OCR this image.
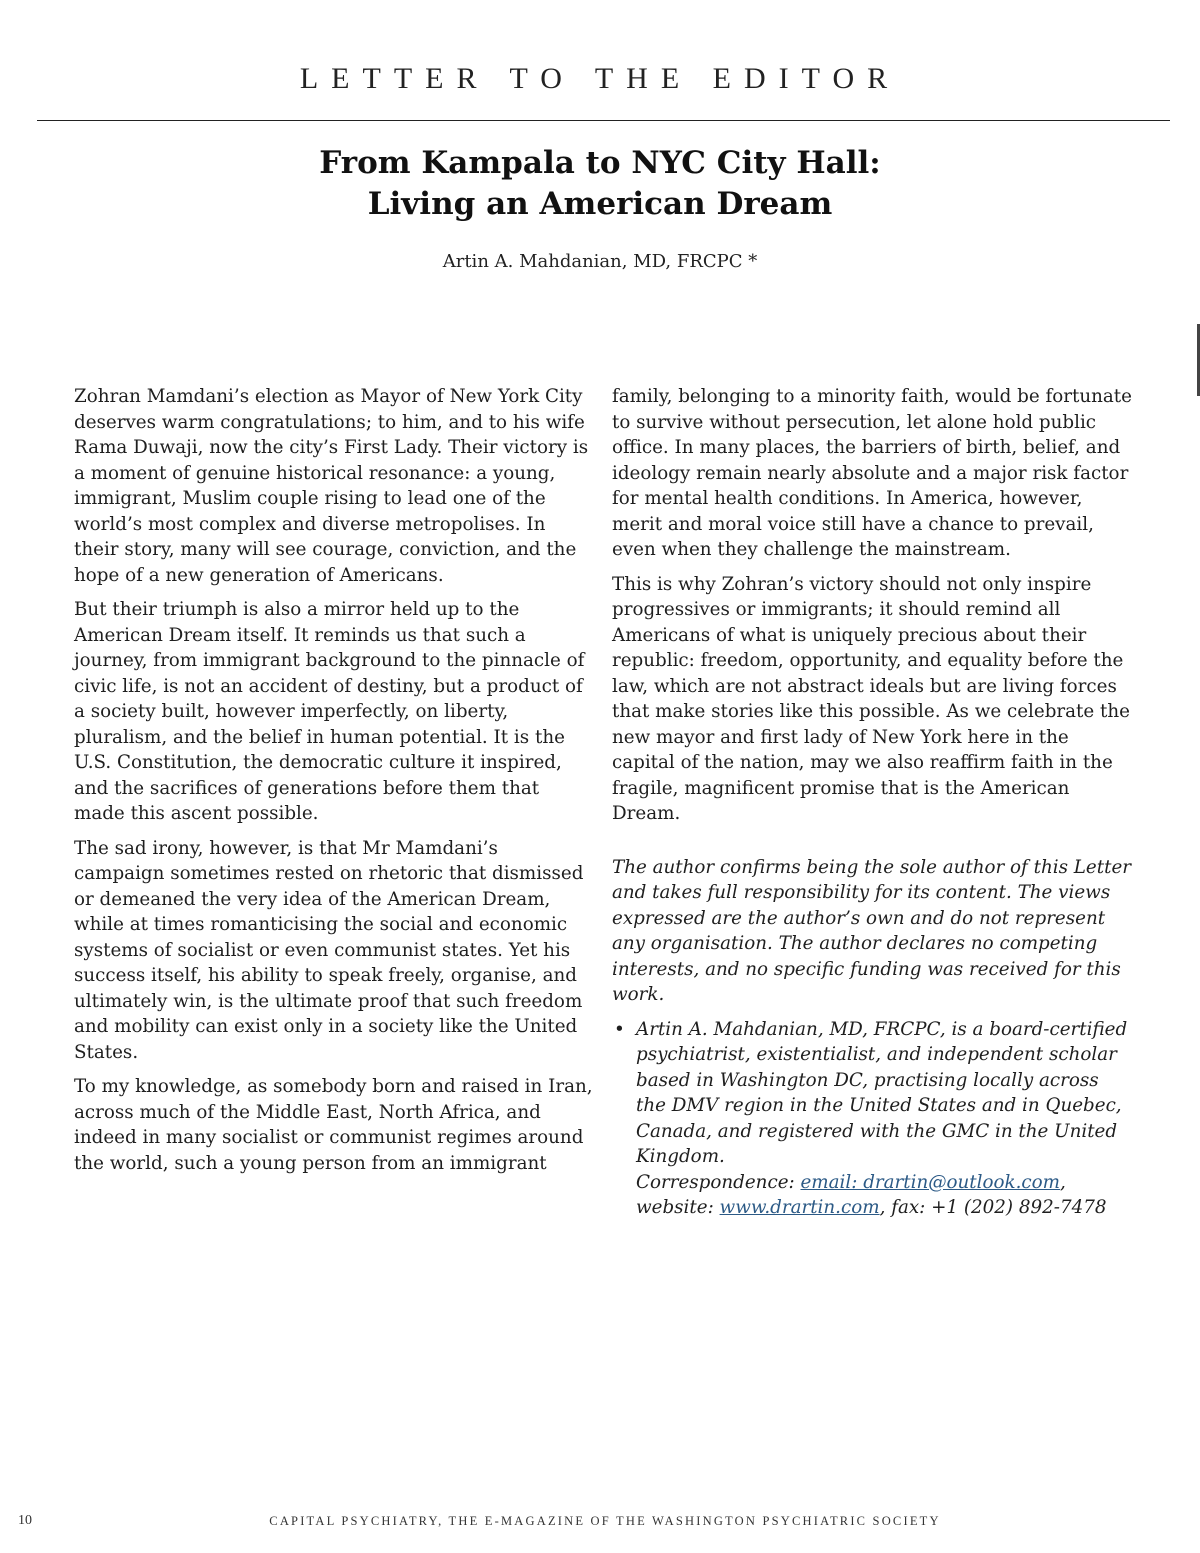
LETTER TO THE EDITOR
From Kampala to NYC City Hall:
Living an American Dream
Artin A. Mahdanian, MD, FRCPC *

Zohran Mamdani’s election as Mayor of New York City deserves warm congratulations; to him, and to his wife Rama Duwaji, now the city’s First Lady. Their victory is a moment of genuine historical resonance: a young, immigrant, Muslim couple rising to lead one of the world’s most complex and diverse metropolises. In their story, many will see courage, conviction, and the hope of a new generation of Americans.

But their triumph is also a mirror held up to the American Dream itself. It reminds us that such a journey, from immigrant background to the pinnacle of civic life, is not an accident of destiny, but a product of a society built, however imperfectly, on liberty, pluralism, and the belief in human potential. It is the U.S. Constitution, the democratic culture it inspired, and the sacrifices of generations before them that made this ascent possible.

The sad irony, however, is that Mr Mamdani’s campaign sometimes rested on rhetoric that dismissed or demeaned the very idea of the American Dream, while at times romanticising the social and economic systems of socialist or even communist states. Yet his success itself, his ability to speak freely, organise, and ultimately win, is the ultimate proof that such freedom and mobility can exist only in a society like the United States.

To my knowledge, as somebody born and raised in Iran, across much of the Middle East, North Africa, and indeed in many socialist or communist regimes around the world, such a young person from an immigrant

family, belonging to a minority faith, would be fortunate to survive without persecution, let alone hold public office. In many places, the barriers of birth, belief, and ideology remain nearly absolute and a major risk factor for mental health conditions. In America, however, merit and moral voice still have a chance to prevail, even when they challenge the mainstream.

This is why Zohran’s victory should not only inspire progressives or immigrants; it should remind all Americans of what is uniquely precious about their republic: freedom, opportunity, and equality before the law, which are not abstract ideals but are living forces that make stories like this possible. As we celebrate the new mayor and first lady of New York here in the capital of the nation, may we also reaffirm faith in the fragile, magnificent promise that is the American Dream.

The author confirms being the sole author of this Letter and takes full responsibility for its content. The views expressed are the author’s own and do not represent any organisation. The author declares no competing interests, and no specific funding was received for this work.

• Artin A. Mahdanian, MD, FRCPC, is a board-certified psychiatrist, existentialist, and independent scholar based in Washington DC, practising locally across the DMV region in the United States and in Quebec, Canada, and registered with the GMC in the United Kingdom.
Correspondence: email: drartin@outlook.com,
website: www.drartin.com, fax: +1 (202) 892-7478
10	CAPITAL PSYCHIATRY, THE E-MAGAZINE OF THE WASHINGTON PSYCHIATRIC SOCIETY
